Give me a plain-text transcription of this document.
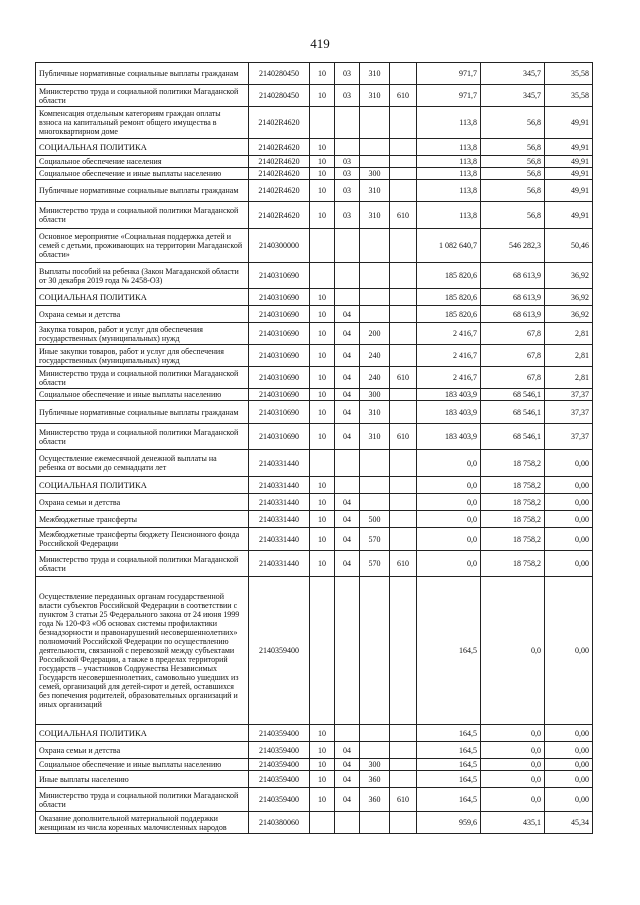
419
Публичные нормативные социальные выплаты гражданам	2140280450	10	03	310		971,7	345,7	35,58
Министерство труда и социальной политики Магаданской области	2140280450	10	03	310	610	971,7	345,7	35,58
Компенсация отдельным категориям граждан оплаты взноса на капитальный ремонт общего имущества в многоквартирном доме	21402R4620					113,8	56,8	49,91
СОЦИАЛЬНАЯ ПОЛИТИКА	21402R4620	10				113,8	56,8	49,91
Социальное обеспечение населения	21402R4620	10	03			113,8	56,8	49,91
Социальное обеспечение и иные выплаты населению	21402R4620	10	03	300		113,8	56,8	49,91
Публичные нормативные социальные выплаты гражданам	21402R4620	10	03	310		113,8	56,8	49,91
Министерство труда и социальной политики Магаданской области	21402R4620	10	03	310	610	113,8	56,8	49,91
Основное мероприятие «Социальная поддержка детей и семей с детьми, проживающих на территории Магаданской области»	2140300000					1 082 640,7	546 282,3	50,46
Выплаты пособий на ребенка (Закон Магаданской области от 30 декабря 2019 года № 2458-ОЗ)	2140310690					185 820,6	68 613,9	36,92
СОЦИАЛЬНАЯ ПОЛИТИКА	2140310690	10				185 820,6	68 613,9	36,92
Охрана семьи и детства	2140310690	10	04			185 820,6	68 613,9	36,92
Закупка товаров, работ и услуг для обеспечения государственных (муниципальных) нужд	2140310690	10	04	200		2 416,7	67,8	2,81
Иные закупки товаров, работ и услуг для обеспечения государственных (муниципальных) нужд	2140310690	10	04	240		2 416,7	67,8	2,81
Министерство труда и социальной политики Магаданской области	2140310690	10	04	240	610	2 416,7	67,8	2,81
Социальное обеспечение и иные выплаты населению	2140310690	10	04	300		183 403,9	68 546,1	37,37
Публичные нормативные социальные выплаты гражданам	2140310690	10	04	310		183 403,9	68 546,1	37,37
Министерство труда и социальной политики Магаданской области	2140310690	10	04	310	610	183 403,9	68 546,1	37,37
Осуществление ежемесячной денежной выплаты на ребенка от восьми до семнадцати лет	2140331440					0,0	18 758,2	0,00
СОЦИАЛЬНАЯ ПОЛИТИКА	2140331440	10				0,0	18 758,2	0,00
Охрана семьи и детства	2140331440	10	04			0,0	18 758,2	0,00
Межбюджетные трансферты	2140331440	10	04	500		0,0	18 758,2	0,00
Межбюджетные трансферты бюджету Пенсионного фонда Российской Федерации	2140331440	10	04	570		0,0	18 758,2	0,00
Министерство труда и социальной политики Магаданской области	2140331440	10	04	570	610	0,0	18 758,2	0,00
Осуществление переданных органам государственной власти субъектов Российской Федерации в соответствии с пунктом 3 статьи 25 Федерального закона от 24 июня 1999 года № 120-ФЗ «Об основах системы профилактики безнадзорности и правонарушений несовершеннолетних» полномочий Российской Федерации по осуществлению деятельности, связанной с перевозкой между субъектами Российской Федерации, а также в пределах территорий государств – участников Содружества Независимых Государств несовершеннолетних, самовольно ушедших из семей, организаций для детей-сирот и детей, оставшихся без попечения родителей, образовательных организаций и иных организаций	2140359400					164,5	0,0	0,00
СОЦИАЛЬНАЯ ПОЛИТИКА	2140359400	10				164,5	0,0	0,00
Охрана семьи и детства	2140359400	10	04			164,5	0,0	0,00
Социальное обеспечение и иные выплаты населению	2140359400	10	04	300		164,5	0,0	0,00
Иные выплаты населению	2140359400	10	04	360		164,5	0,0	0,00
Министерство труда и социальной политики Магаданской области	2140359400	10	04	360	610	164,5	0,0	0,00
Оказание дополнительной материальной поддержки женщинам из числа коренных малочисленных народов	2140380060					959,6	435,1	45,34
